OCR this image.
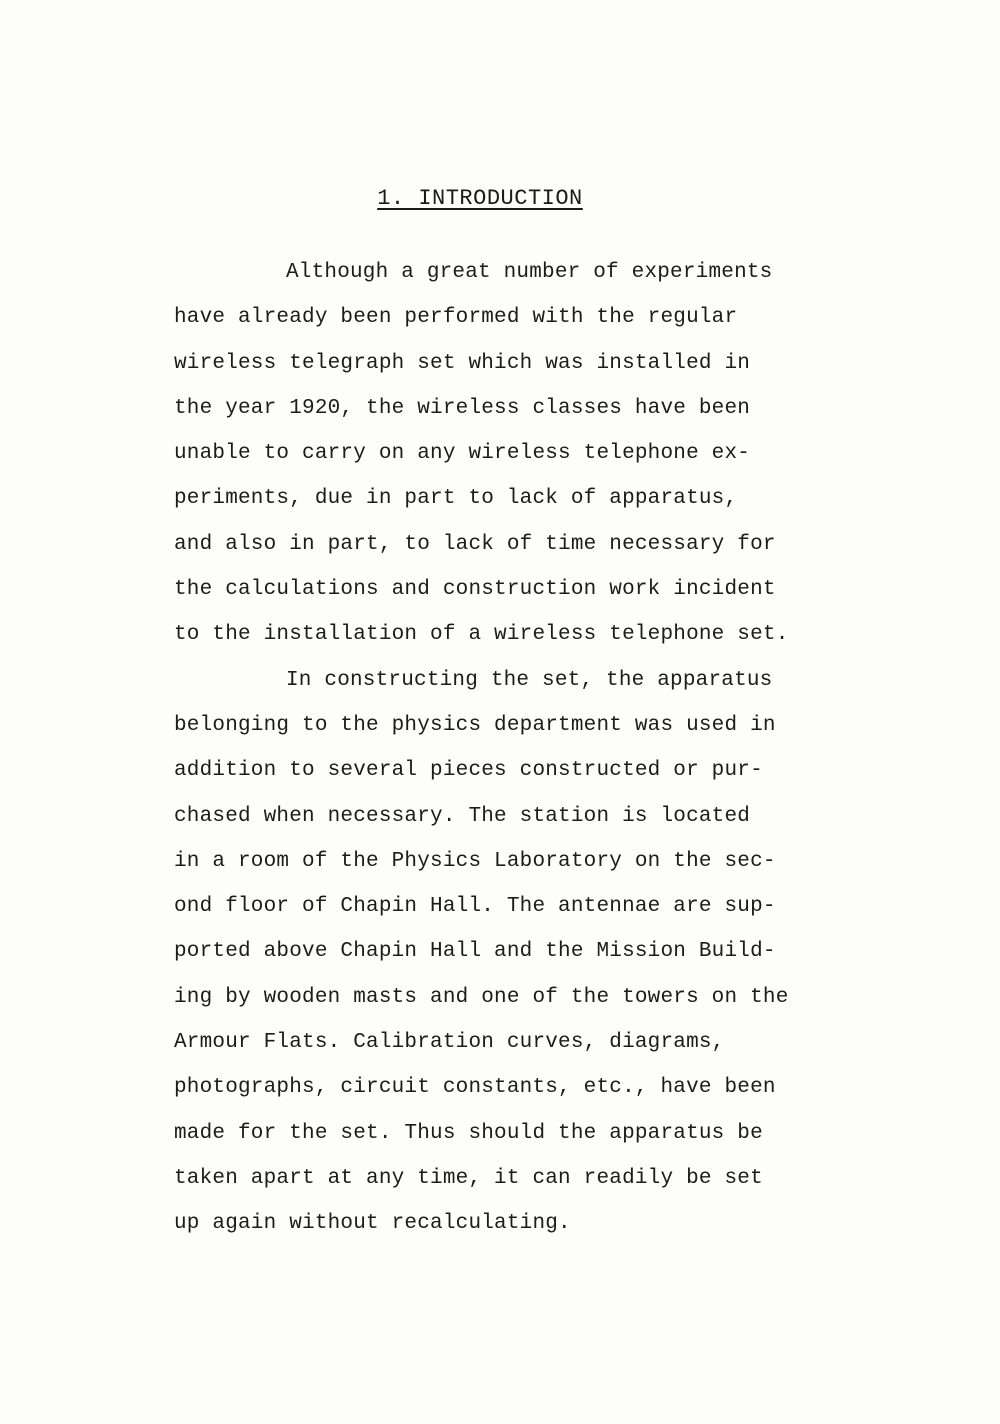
1. INTRODUCTION
Although a great number of experiments
have already been performed with the regular
wireless telegraph set which was installed in
the year 1920, the wireless classes have been
unable to carry on any wireless telephone ex-
periments, due in part to lack of apparatus,
and also in part, to lack of time necessary for
the calculations and construction work incident
to the installation of a wireless telephone set.
In constructing the set, the apparatus
belonging to the physics department was used in
addition to several pieces constructed or pur-
chased when necessary. The station is located
in a room of the Physics Laboratory on the sec-
ond floor of Chapin Hall. The antennae are sup-
ported above Chapin Hall and the Mission Build-
ing by wooden masts and one of the towers on the
Armour Flats. Calibration curves, diagrams,
photographs, circuit constants, etc., have been
made for the set. Thus should the apparatus be
taken apart at any time, it can readily be set
up again without recalculating.
